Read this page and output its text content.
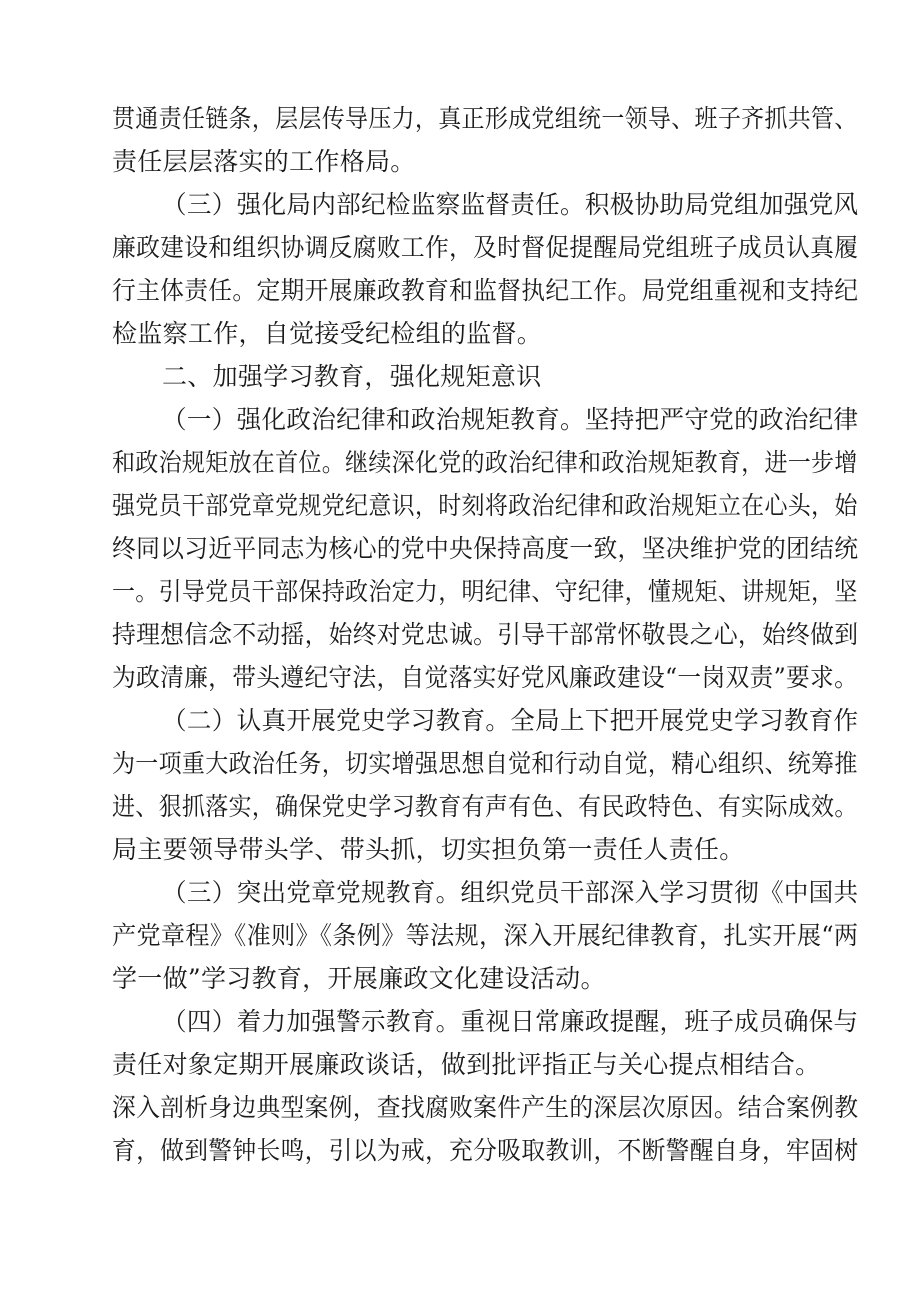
贯通责任链条，层层传导压力，真正形成党组统一领导、班子齐抓共管、
责任层层落实的工作格局。
（三）强化局内部纪检监察监督责任。积极协助局党组加强党风
廉政建设和组织协调反腐败工作，及时督促提醒局党组班子成员认真履
行主体责任。定期开展廉政教育和监督执纪工作。局党组重视和支持纪
检监察工作，自觉接受纪检组的监督。
二、加强学习教育，强化规矩意识
（一）强化政治纪律和政治规矩教育。坚持把严守党的政治纪律
和政治规矩放在首位。继续深化党的政治纪律和政治规矩教育，进一步增
强党员干部党章党规党纪意识，时刻将政治纪律和政治规矩立在心头，始
终同以习近平同志为核心的党中央保持高度一致，坚决维护党的团结统
一。引导党员干部保持政治定力，明纪律、守纪律，懂规矩、讲规矩，坚
持理想信念不动摇，始终对党忠诚。引导干部常怀敬畏之心，始终做到
为政清廉，带头遵纪守法，自觉落实好党风廉政建设“一岗双责”要求。
（二）认真开展党史学习教育。全局上下把开展党史学习教育作
为一项重大政治任务，切实增强思想自觉和行动自觉，精心组织、统筹推
进、狠抓落实，确保党史学习教育有声有色、有民政特色、有实际成效。
局主要领导带头学、带头抓，切实担负第一责任人责任。
（三）突出党章党规教育。组织党员干部深入学习贯彻《中国共
产党章程》《准则》《条例》等法规，深入开展纪律教育，扎实开展“两
学一做”学习教育，开展廉政文化建设活动。
（四）着力加强警示教育。重视日常廉政提醒，班子成员确保与
责任对象定期开展廉政谈话，做到批评指正与关心提点相结合。
深入剖析身边典型案例，查找腐败案件产生的深层次原因。结合案例教
育，做到警钟长鸣，引以为戒，充分吸取教训，不断警醒自身，牢固树
